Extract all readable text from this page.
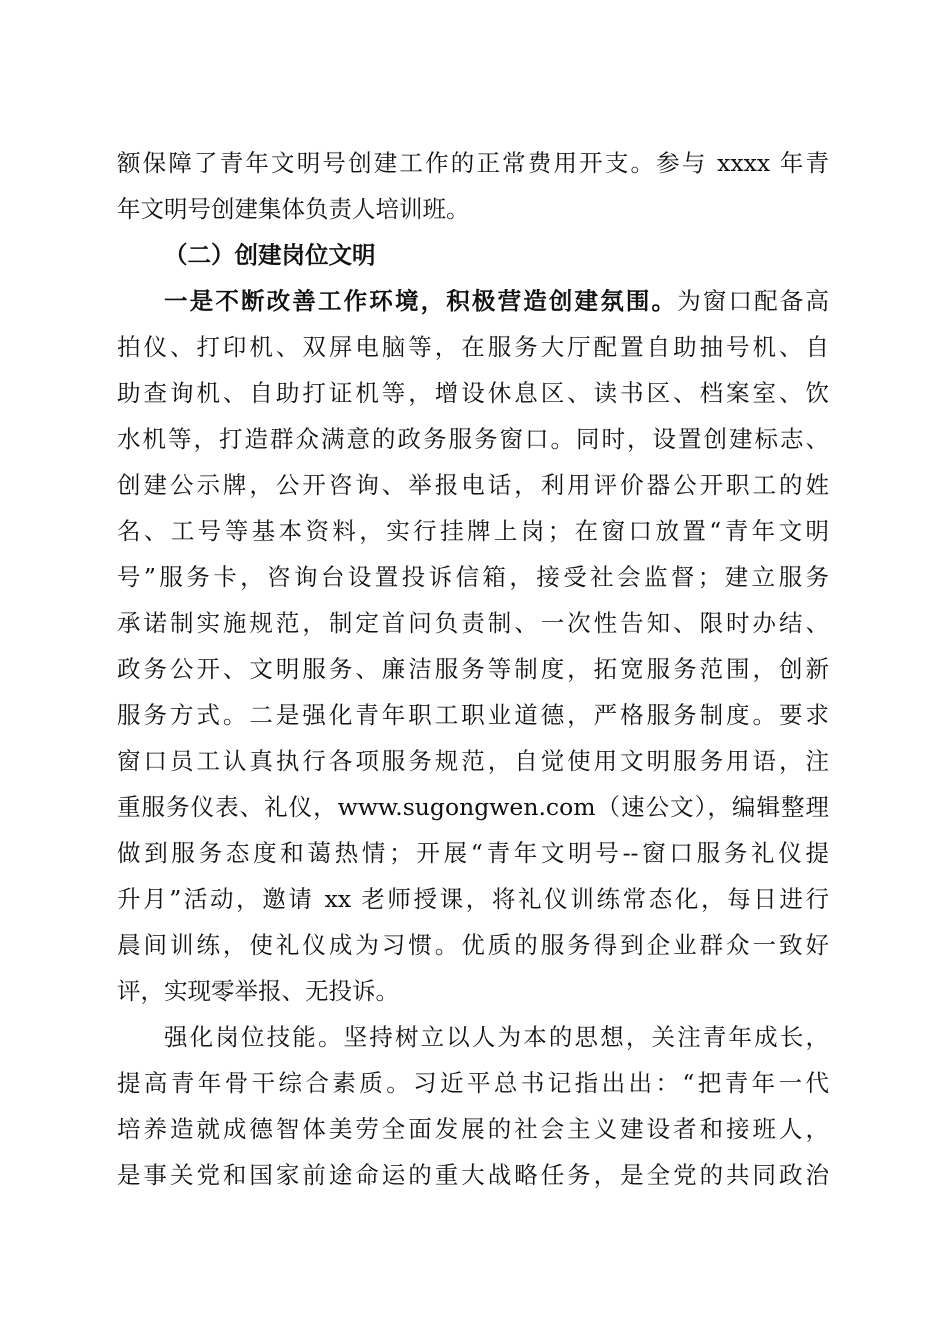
额保障了青年文明号创建工作的正常费用开支。参与 xxxx 年青
年文明号创建集体负责人培训班。
（二）创建岗位文明
一是不断改善工作环境，积极营造创建氛围。为窗口配备高
拍仪、打印机、双屏电脑等，在服务大厅配置自助抽号机、自
助查询机、自助打证机等，增设休息区、读书区、档案室、饮
水机等，打造群众满意的政务服务窗口。同时，设置创建标志、
创建公示牌，公开咨询、举报电话，利用评价器公开职工的姓
名、工号等基本资料，实行挂牌上岗；在窗口放置“青年文明
号”服务卡，咨询台设置投诉信箱，接受社会监督；建立服务
承诺制实施规范，制定首问负责制、一次性告知、限时办结、
政务公开、文明服务、廉洁服务等制度，拓宽服务范围，创新
服务方式。二是强化青年职工职业道德，严格服务制度。要求
窗口员工认真执行各项服务规范，自觉使用文明服务用语，注
重服务仪表、礼仪，www.sugongwen.com（速公文），编辑整理
做到服务态度和蔼热情；开展“青年文明号--窗口服务礼仪提
升月”活动，邀请 xx 老师授课，将礼仪训练常态化，每日进行
晨间训练，使礼仪成为习惯。优质的服务得到企业群众一致好
评，实现零举报、无投诉。
强化岗位技能。坚持树立以人为本的思想，关注青年成长，
提高青年骨干综合素质。习近平总书记指出出：“把青年一代
培养造就成德智体美劳全面发展的社会主义建设者和接班人，
是事关党和国家前途命运的重大战略任务，是全党的共同政治
